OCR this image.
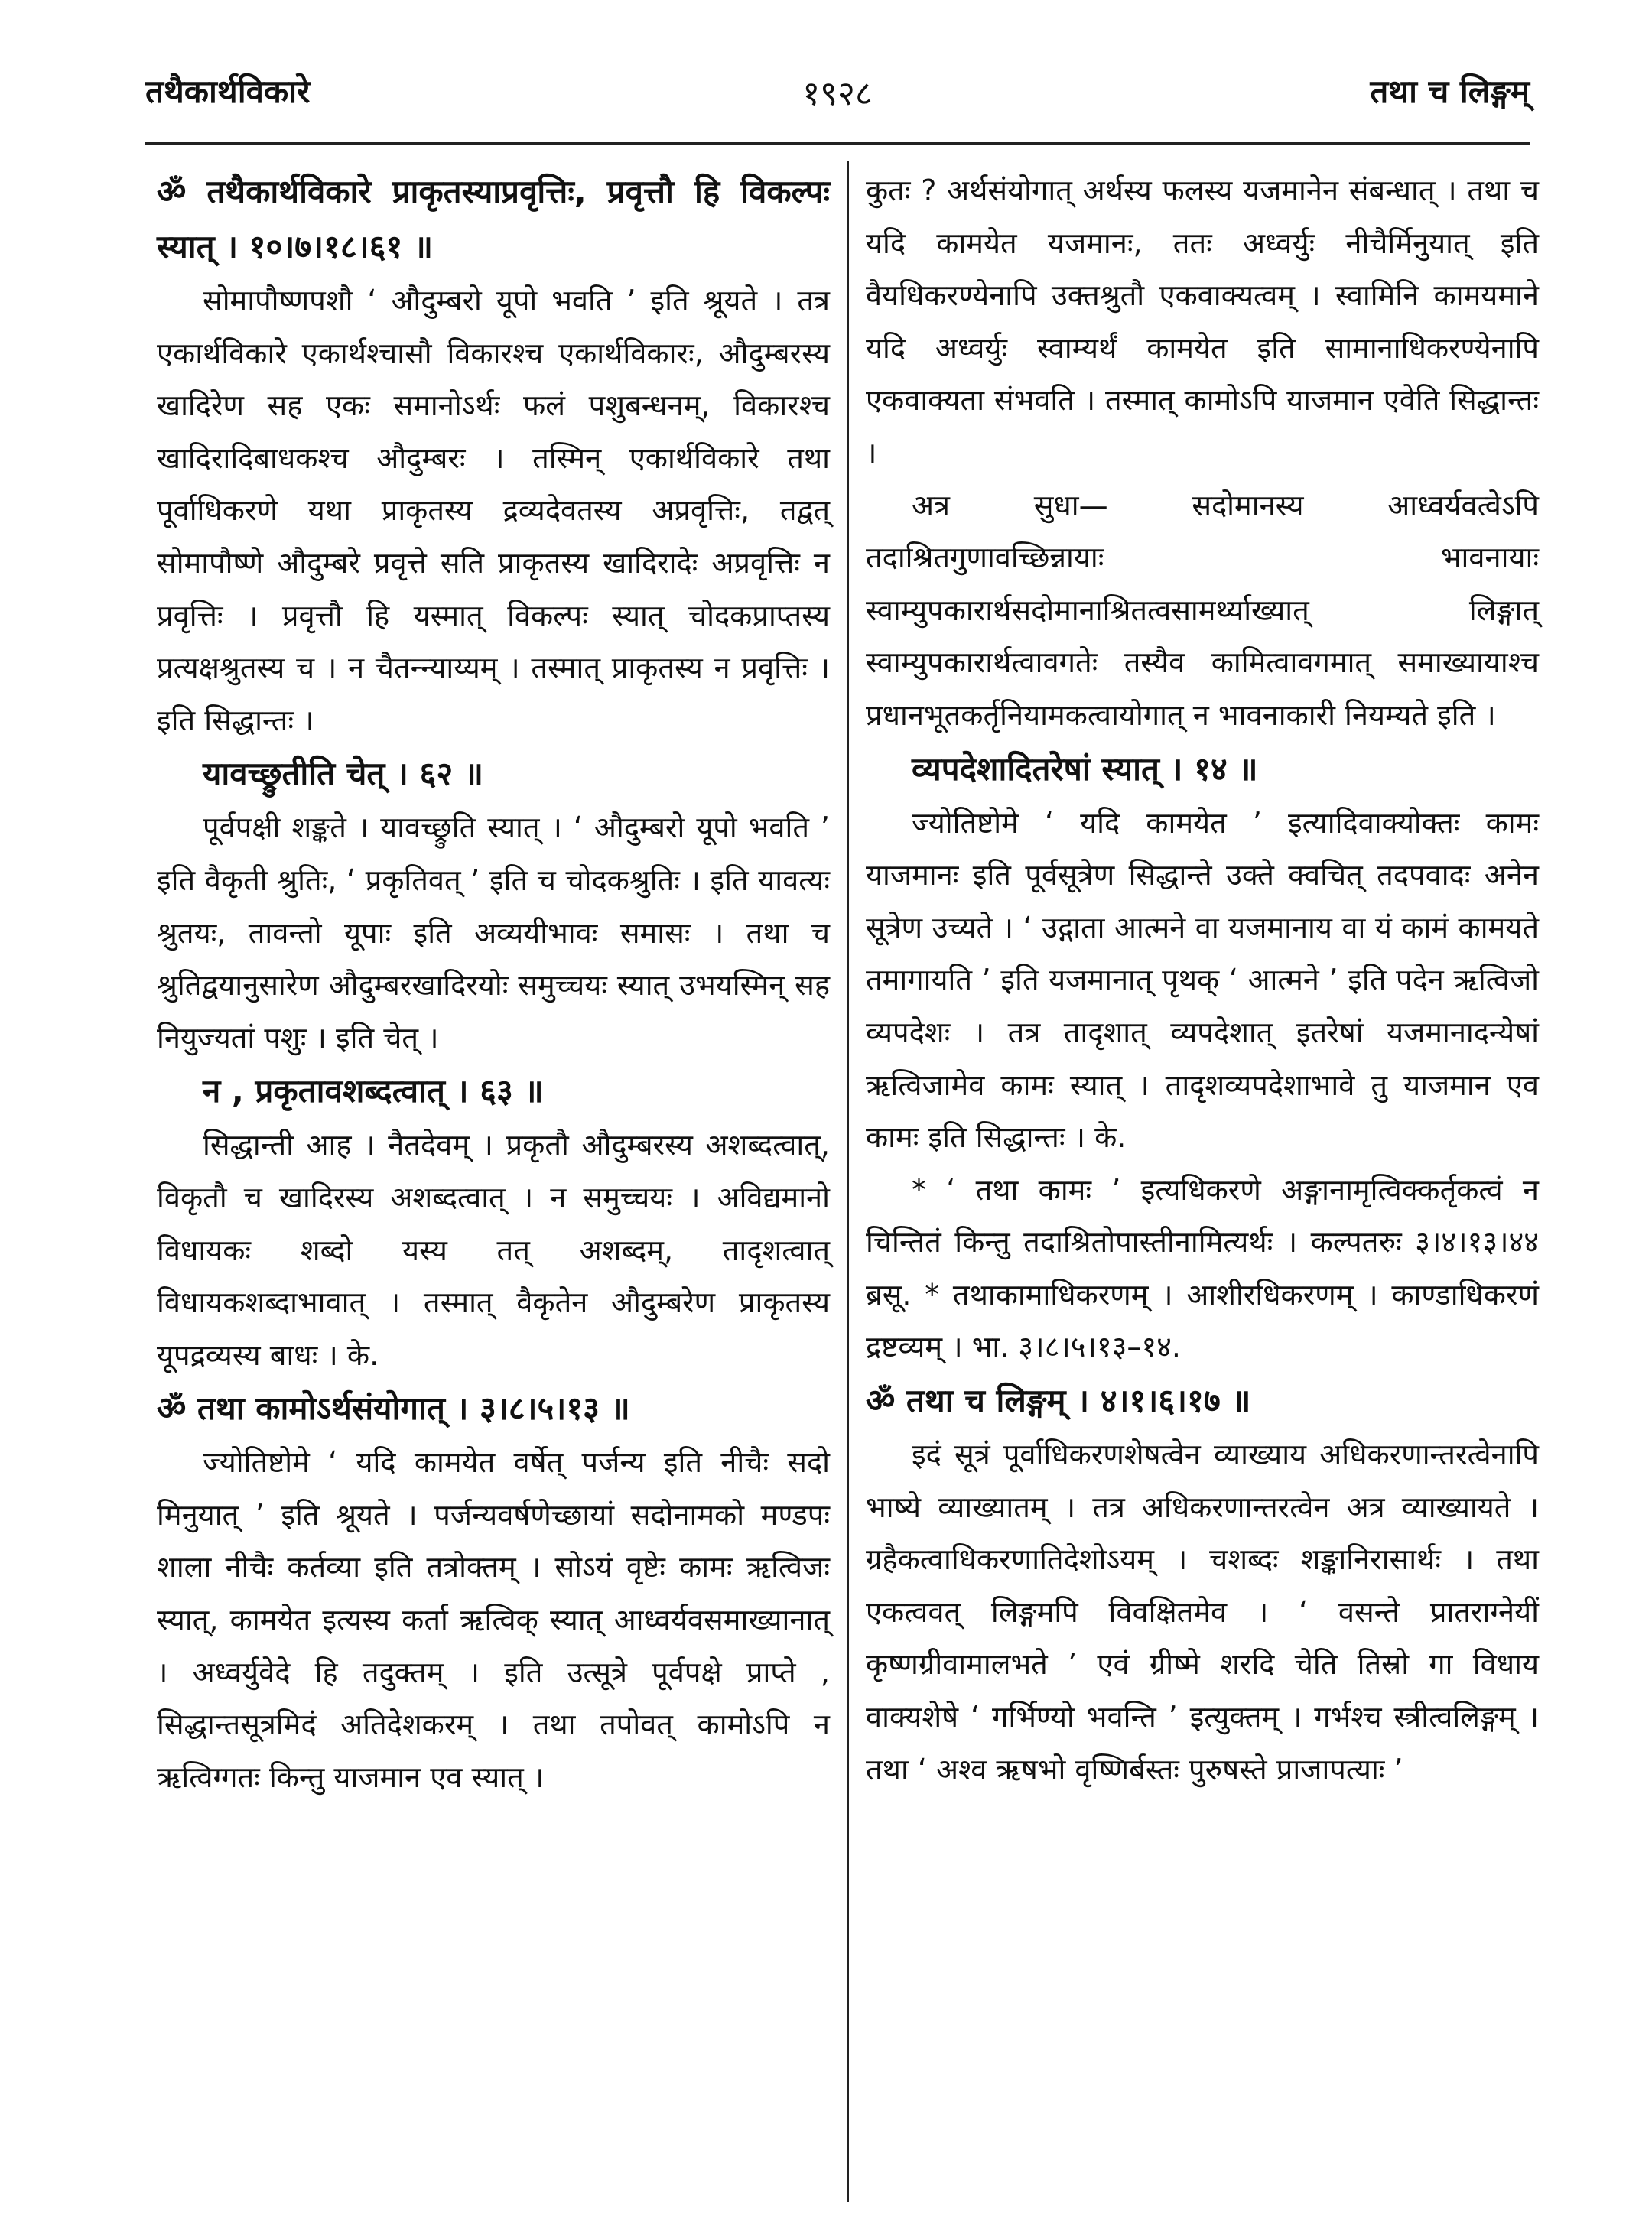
तथैकार्थविकारे	१९२८	तथा च लिङ्गम्

ॐ तथैकार्थविकारे प्राकृतस्याप्रवृत्तिः, प्रवृत्तौ हि विकल्पः स्यात् । १०।७।१८।६१ ॥

सोमापौष्णपशौ ‘ औदुम्बरो यूपो भवति ’ इति श्रूयते । तत्र एकार्थविकारे एकार्थश्चासौ विकारश्च एकार्थविकारः, औदुम्बरस्य खादिरेण सह एकः समानोऽर्थः फलं पशुबन्धनम्, विकारश्च खादिरादिबाधकश्च औदुम्बरः । तस्मिन् एकार्थविकारे तथा पूर्वाधिकरणे यथा प्राकृतस्य द्रव्यदेवतस्य अप्रवृत्तिः, तद्वत् सोमापौष्णे औदुम्बरे प्रवृत्ते सति प्राकृतस्य खादिरादेः अप्रवृत्तिः न प्रवृत्तिः । प्रवृत्तौ हि यस्मात् विकल्पः स्यात् चोदकप्राप्तस्य प्रत्यक्षश्रुतस्य च । न चैतन्न्याय्यम् । तस्मात् प्राकृतस्य न प्रवृत्तिः । इति सिद्धान्तः ।

यावच्छ्रुतीति चेत् । ६२ ॥

पूर्वपक्षी शङ्कते । यावच्छ्रुति स्यात् । ‘ औदुम्बरो यूपो भवति ’ इति वैकृती श्रुतिः, ‘ प्रकृतिवत् ’ इति च चोदकश्रुतिः । इति यावत्यः श्रुतयः, तावन्तो यूपाः इति अव्ययीभावः समासः । तथा च श्रुतिद्वयानुसारेण औदुम्बरखादिरयोः समुच्चयः स्यात् उभयस्मिन् सह नियुज्यतां पशुः । इति चेत् ।

न , प्रकृतावशब्दत्वात् । ६३ ॥

सिद्धान्ती आह । नैतदेवम् । प्रकृतौ औदुम्बरस्य अशब्दत्वात्, विकृतौ च खादिरस्य अशब्दत्वात् । न समुच्चयः । अविद्यमानो विधायकः शब्दो यस्य तत् अशब्दम्, तादृशत्वात् विधायकशब्दाभावात् । तस्मात् वैकृतेन औदुम्बरेण प्राकृतस्य यूपद्रव्यस्य बाधः । के.

ॐ तथा कामोऽर्थसंयोगात् । ३।८।५।१३ ॥

ज्योतिष्टोमे ‘ यदि कामयेत वर्षेत् पर्जन्य इति नीचैः सदो मिनुयात् ’ इति श्रूयते । पर्जन्यवर्षणेच्छायां सदोनामको मण्डपः शाला नीचैः कर्तव्या इति तत्रोक्तम् । सोऽयं वृष्टेः कामः ऋत्विजः स्यात्, कामयेत इत्यस्य कर्ता ऋत्विक् स्यात् आध्वर्यवसमाख्यानात् । अध्वर्युवेदे हि तदुक्तम् । इति उत्सूत्रे पूर्वपक्षे प्राप्ते , सिद्धान्तसूत्रमिदं अतिदेशकरम् । तथा तपोवत् कामोऽपि न ऋत्विग्गतः किन्तु याजमान एव स्यात् ।

कुतः ? अर्थसंयोगात् अर्थस्य फलस्य यजमानेन संबन्धात् । तथा च यदि कामयेत यजमानः, ततः अध्वर्युः नीचैर्मिनुयात् इति वैयधिकरण्येनापि उक्तश्रुतौ एकवाक्यत्वम् । स्वामिनि कामयमाने यदि अध्वर्युः स्वाम्यर्थं कामयेत इति सामानाधिकरण्येनापि एकवाक्यता संभवति । तस्मात् कामोऽपि याजमान एवेति सिद्धान्तः ।

अत्र सुधा— सदोमानस्य आध्वर्यवत्वेऽपि तदाश्रितगुणावच्छिन्नायाः भावनायाः स्वाम्युपकारार्थसदोमानाश्रितत्वसामर्थ्याख्यात् लिङ्गात् स्वाम्युपकारार्थत्वावगतेः तस्यैव कामित्वावगमात् समाख्यायाश्च प्रधानभूतकर्तृनियामकत्वायोगात् न भावनाकारी नियम्यते इति ।

व्यपदेशादितरेषां स्यात् । १४ ॥

ज्योतिष्टोमे ‘ यदि कामयेत ’ इत्यादिवाक्योक्तः कामः याजमानः इति पूर्वसूत्रेण सिद्धान्ते उक्ते क्वचित् तदपवादः अनेन सूत्रेण उच्यते । ‘ उद्गाता आत्मने वा यजमानाय वा यं कामं कामयते तमागायति ’ इति यजमानात् पृथक् ‘ आत्मने ’ इति पदेन ऋत्विजो व्यपदेशः । तत्र तादृशात् व्यपदेशात् इतरेषां यजमानादन्येषां ऋत्विजामेव कामः स्यात् । तादृशव्यपदेशाभावे तु याजमान एव कामः इति सिद्धान्तः । के.

* ‘ तथा कामः ’ इत्यधिकरणे अङ्गानामृत्विक्कर्तृकत्वं न चिन्तितं किन्तु तदाश्रितोपास्तीनामित्यर्थः । कल्पतरुः ३।४।१३।४४ ब्रसू. * तथाकामाधिकरणम् । आशीरधिकरणम् । काण्डाधिकरणं द्रष्टव्यम् । भा. ३।८।५।१३–१४.

ॐ तथा च लिङ्गम् । ४।१।६।१७ ॥

इदं सूत्रं पूर्वाधिकरणशेषत्वेन व्याख्याय अधिकरणान्तरत्वेनापि भाष्ये व्याख्यातम् । तत्र अधिकरणान्तरत्वेन अत्र व्याख्यायते । ग्रहैकत्वाधिकरणातिदेशोऽयम् । चशब्दः शङ्कानिरासार्थः । तथा एकत्ववत् लिङ्गमपि विवक्षितमेव । ‘ वसन्ते प्रातराग्नेयीं कृष्णग्रीवामालभते ’ एवं ग्रीष्मे शरदि चेति तिस्रो गा विधाय वाक्यशेषे ‘ गर्भिण्यो भवन्ति ’ इत्युक्तम् । गर्भश्च स्त्रीत्वलिङ्गम् । तथा ‘ अश्व ऋषभो वृष्णिर्बस्तः पुरुषस्ते प्राजापत्याः ’
